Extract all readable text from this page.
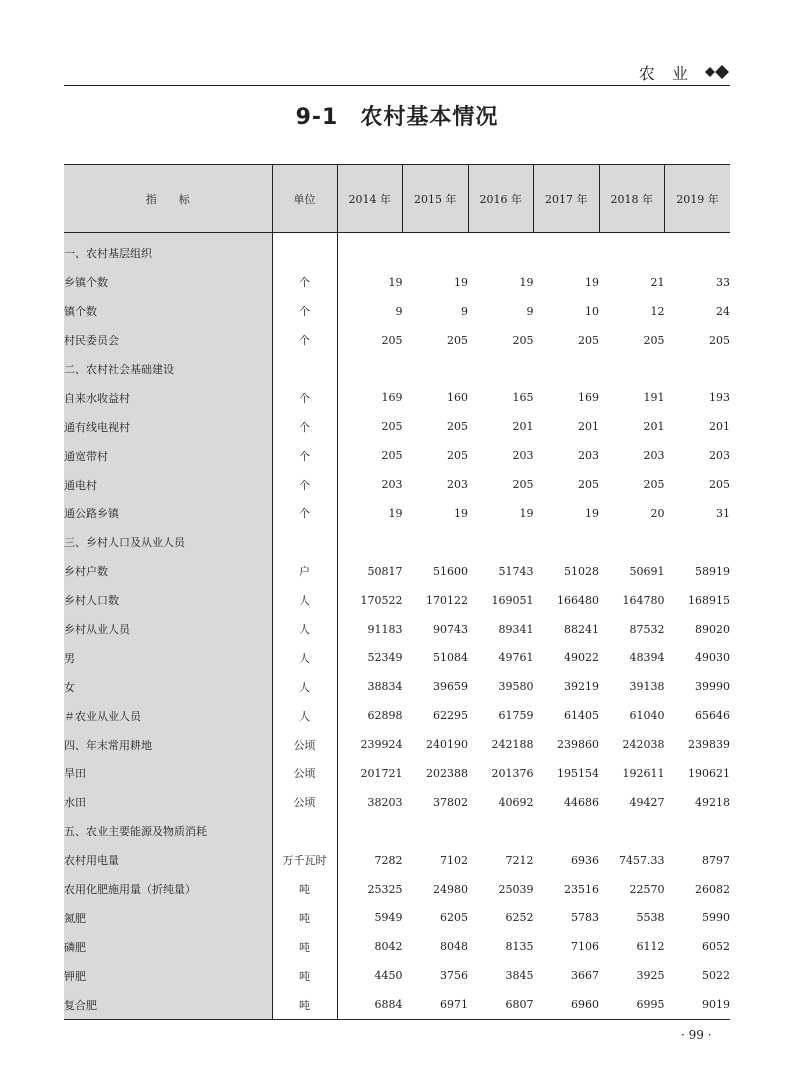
农 业
9-1 农村基本情况
指　　标	单位	2014 年	2015 年	2016 年	2017 年	2018 年	2019 年
一、农村基层组织							
乡镇个数	个	19	19	19	19	21	33
镇个数	个	9	9	9	10	12	24
村民委员会	个	205	205	205	205	205	205
二、农村社会基础建设							
自来水收益村	个	169	160	165	169	191	193
通有线电视村	个	205	205	201	201	201	201
通宽带村	个	205	205	203	203	203	203
通电村	个	203	203	205	205	205	205
通公路乡镇	个	19	19	19	19	20	31
三、乡村人口及从业人员							
乡村户数	户	50817	51600	51743	51028	50691	58919
乡村人口数	人	170522	170122	169051	166480	164780	168915
乡村从业人员	人	91183	90743	89341	88241	87532	89020
男	人	52349	51084	49761	49022	48394	49030
女	人	38834	39659	39580	39219	39138	39990
＃农业从业人员	人	62898	62295	61759	61405	61040	65646
四、年末常用耕地	公顷	239924	240190	242188	239860	242038	239839
旱田	公顷	201721	202388	201376	195154	192611	190621
水田	公顷	38203	37802	40692	44686	49427	49218
五、农业主要能源及物质消耗							
农村用电量	万千瓦时	7282	7102	7212	6936	7457.33	8797
农用化肥施用量（折纯量）	吨	25325	24980	25039	23516	22570	26082
氮肥	吨	5949	6205	6252	5783	5538	5990
磷肥	吨	8042	8048	8135	7106	6112	6052
钾肥	吨	4450	3756	3845	3667	3925	5022
复合肥	吨	6884	6971	6807	6960	6995	9019
· 99 ·
